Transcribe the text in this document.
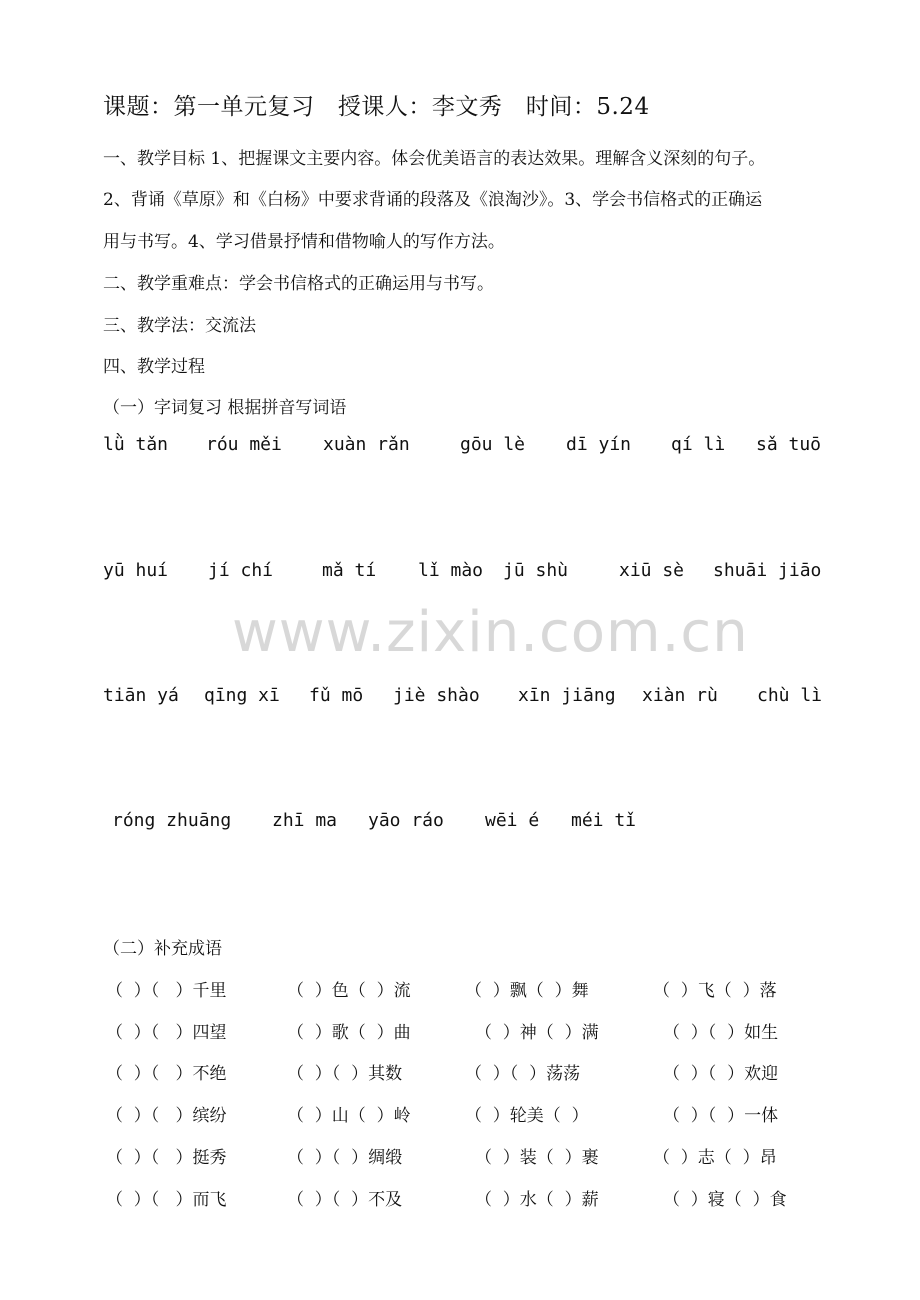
课题：第一单元复习   授课人：李文秀   时间：5.24
一、教学目标 1、把握课文主要内容。体会优美语言的表达效果。理解含义深刻的句子。
2、背诵《草原》和《白杨》中要求背诵的段落及《浪淘沙》。3、学会书信格式的正确运
用与书写。4、学习借景抒情和借物喻人的写作方法。
二、教学重难点：学会书信格式的正确运用与书写。
三、教学法：交流法
四、教学过程
（一）字词复习 根据拼音写词语
lǜ tǎn róu měi xuàn rǎn	gōu lè dī yín qí lì sǎ tuō
yū huí jí chí	mǎ tí lǐ mào jū shù	xiū sè shuāi jiāo
tiān yá qīng xī fǔ mō jiè shào xīn jiāng xiàn rù chù lì
róng zhuāng zhī ma yāo ráo wēi é méi tǐ
（二）补充成语
（  ）（   ）千里	（  ）色（  ）流	（  ）飘（  ）舞	（  ）飞（  ）落
（  ）（   ）四望	（  ）歌（  ）曲	（  ）神（  ）满	（  ）（  ）如生
（  ）（   ）不绝	（  ）（  ）其数	（  ）（  ）荡荡	（  ）（  ）欢迎
（  ）（   ）缤纷	（  ）山（  ）岭	（  ）轮美（  ）	（  ）（  ）一体
（  ）（   ）挺秀	（  ）（  ）绸缎	（  ）装（  ）裹	（  ）志（  ）昂
（  ）（   ）而飞	（  ）（  ）不及	（  ）水（  ）薪	（  ）寝（  ）食
www.zixin.com.cn
